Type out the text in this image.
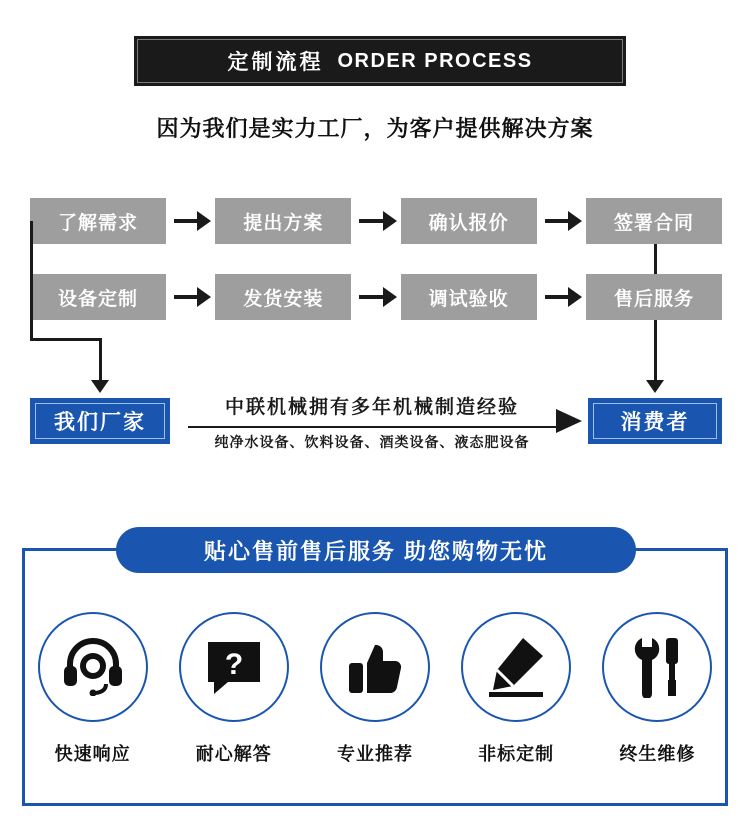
定制流程 ORDER PROCESS
因为我们是实力工厂，为客户提供解决方案
了解需求	提出方案	确认报价	签署合同
设备定制	发货安装	调试验收	售后服务
我们厂家	消费者
中联机械拥有多年机械制造经验
纯净水设备、饮料设备、酒类设备、液态肥设备
贴心售前售后服务 助您购物无忧
快速响应
?
耐心解答	专业推荐	非标定制	终生维修
